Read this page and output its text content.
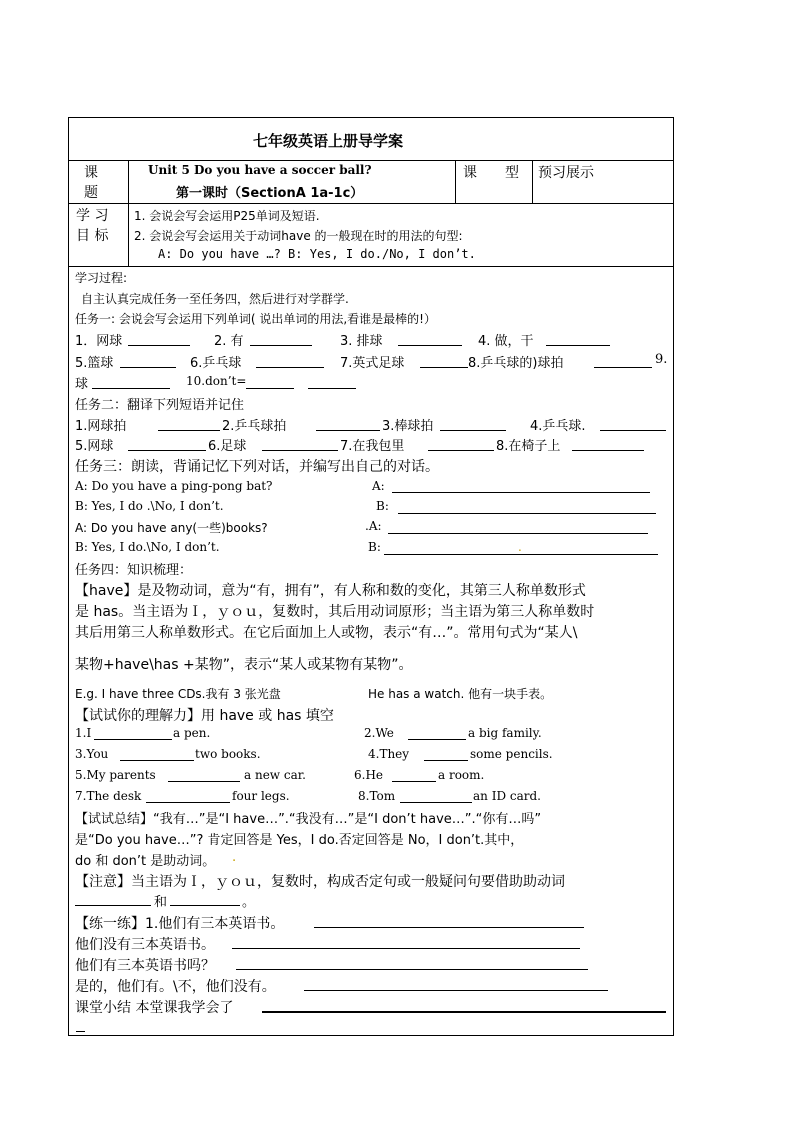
七年级英语上册导学案
课
题
Unit 5 Do you have a soccer ball?
第一课时（SectionA 1a-1c）
课 型 预习展示
学 习
目 标
1. 会说会写会运用P25单词及短语.
2. 会说会写会运用关于动词have 的一般现在时的用法的句型:
A: Do you have …? B: Yes, I do./No, I don’t.
学习过程:
自主认真完成任务一至任务四，然后进行对学群学.
任务一: 会说会写会运用下列单词( 说出单词的用法,看谁是最棒的!）
1．网球	2. 有	3. 排球	4. 做，干
5.篮球	6.乒乓球	7.英式足球	8.乒乓球的)球拍	9.
球	10.don’t=
任务二：翻译下列短语并记住
1.网球拍	2.乒乓球拍	3.棒球拍	4.乒乓球.
5.网球	6.足球	7.在我包里	8.在椅子上
任务三：朗读，背诵记忆下列对话，并编写出自己的对话。
A: Do you have a ping-pong bat?	A:
B: Yes, I do .\No, I don’t.	B:
A: Do you have any(一些)books?	.A:
B: Yes, I do.\No, I don’t.	B:	.
任务四：知识梳理：
【have】是及物动词，意为“有，拥有”，有人称和数的变化，其第三人称单数形式
是 has。当主语为Ｉ，ｙｏｕ，复数时，其后用动词原形；当主语为第三人称单数时
其后用第三人称单数形式。在它后面加上人或物，表示“有…”。常用句式为“某人\
某物+have\has +某物”，表示“某人或某物有某物”。
E.g. I have three CDs.我有 3 张光盘	He has a watch. 他有一块手表。
【试试你的理解力】用 have 或 has 填空
1.I	a pen.	2.We	a big family.
3.You	two books.	4.They	some pencils.
5.My parents	a new car.	6.He	a room.
7.The desk	four legs.	8.Tom	an ID card.
【试试总结】“我有…”是“I have…”.“我没有…”是“I don’t have…”.“你有…吗”
是“Do you have…”? 肯定回答是 Yes，I do.否定回答是 No，I don’t.其中，
do 和 don’t 是助动词。 .
【注意】当主语为Ｉ，ｙｏｕ，复数时，构成否定句或一般疑问句要借助助动词
和	。
【练一练】1.他们有三本英语书。
他们没有三本英语书。
他们有三本英语书吗？
是的，他们有。\不，他们没有。
课堂小结 本堂课我学会了
